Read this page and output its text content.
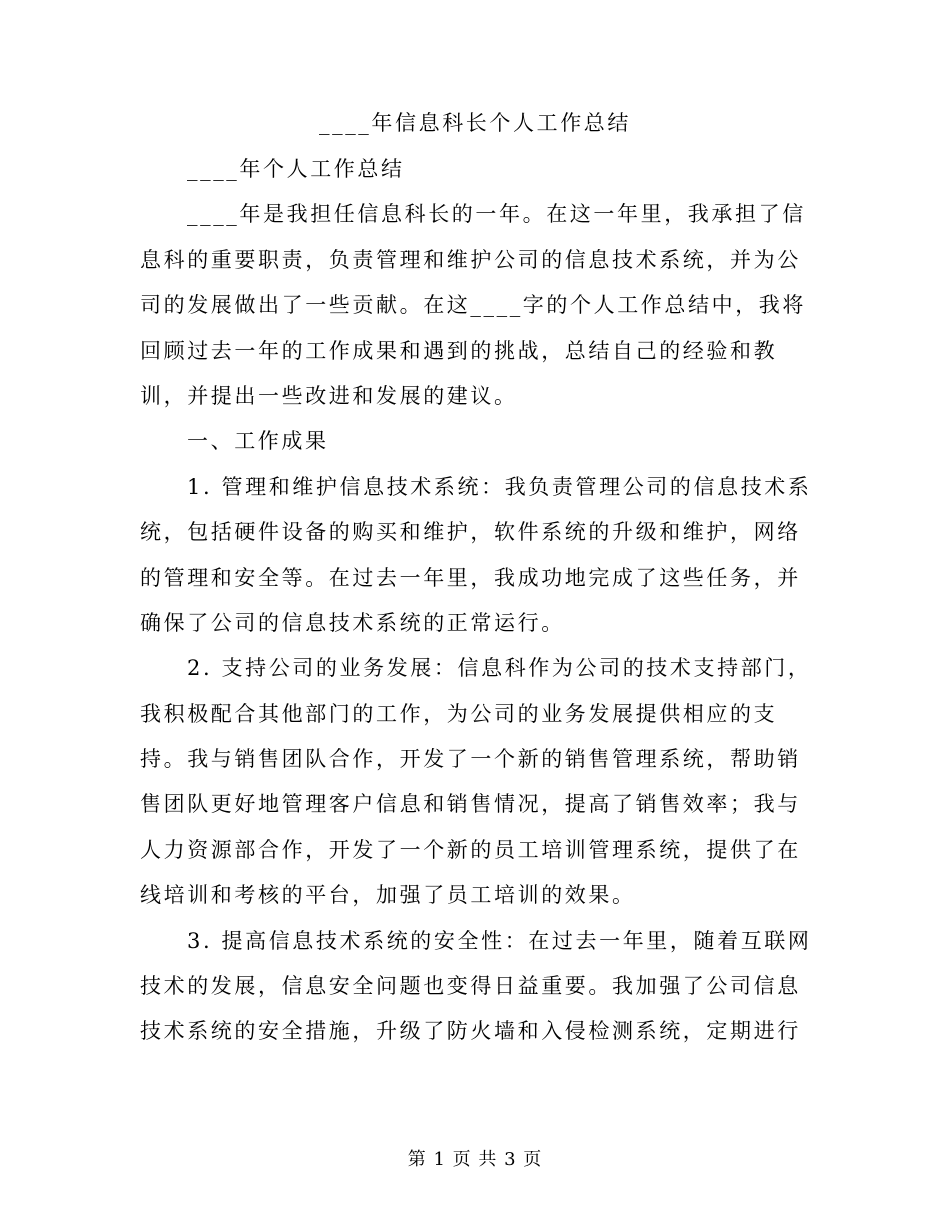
____年信息科长个人工作总结
____年个人工作总结
____年是我担任信息科长的一年。在这一年里，我承担了信
息科的重要职责，负责管理和维护公司的信息技术系统，并为公
司的发展做出了一些贡献。在这____字的个人工作总结中，我将
回顾过去一年的工作成果和遇到的挑战，总结自己的经验和教
训，并提出一些改进和发展的建议。
一、工作成果
1. 管理和维护信息技术系统：我负责管理公司的信息技术系
统，包括硬件设备的购买和维护，软件系统的升级和维护，网络
的管理和安全等。在过去一年里，我成功地完成了这些任务，并
确保了公司的信息技术系统的正常运行。
2. 支持公司的业务发展：信息科作为公司的技术支持部门，
我积极配合其他部门的工作，为公司的业务发展提供相应的支
持。我与销售团队合作，开发了一个新的销售管理系统，帮助销
售团队更好地管理客户信息和销售情况，提高了销售效率；我与
人力资源部合作，开发了一个新的员工培训管理系统，提供了在
线培训和考核的平台，加强了员工培训的效果。
3. 提高信息技术系统的安全性：在过去一年里，随着互联网
技术的发展，信息安全问题也变得日益重要。我加强了公司信息
技术系统的安全措施，升级了防火墙和入侵检测系统，定期进行
第 1 页 共 3 页
